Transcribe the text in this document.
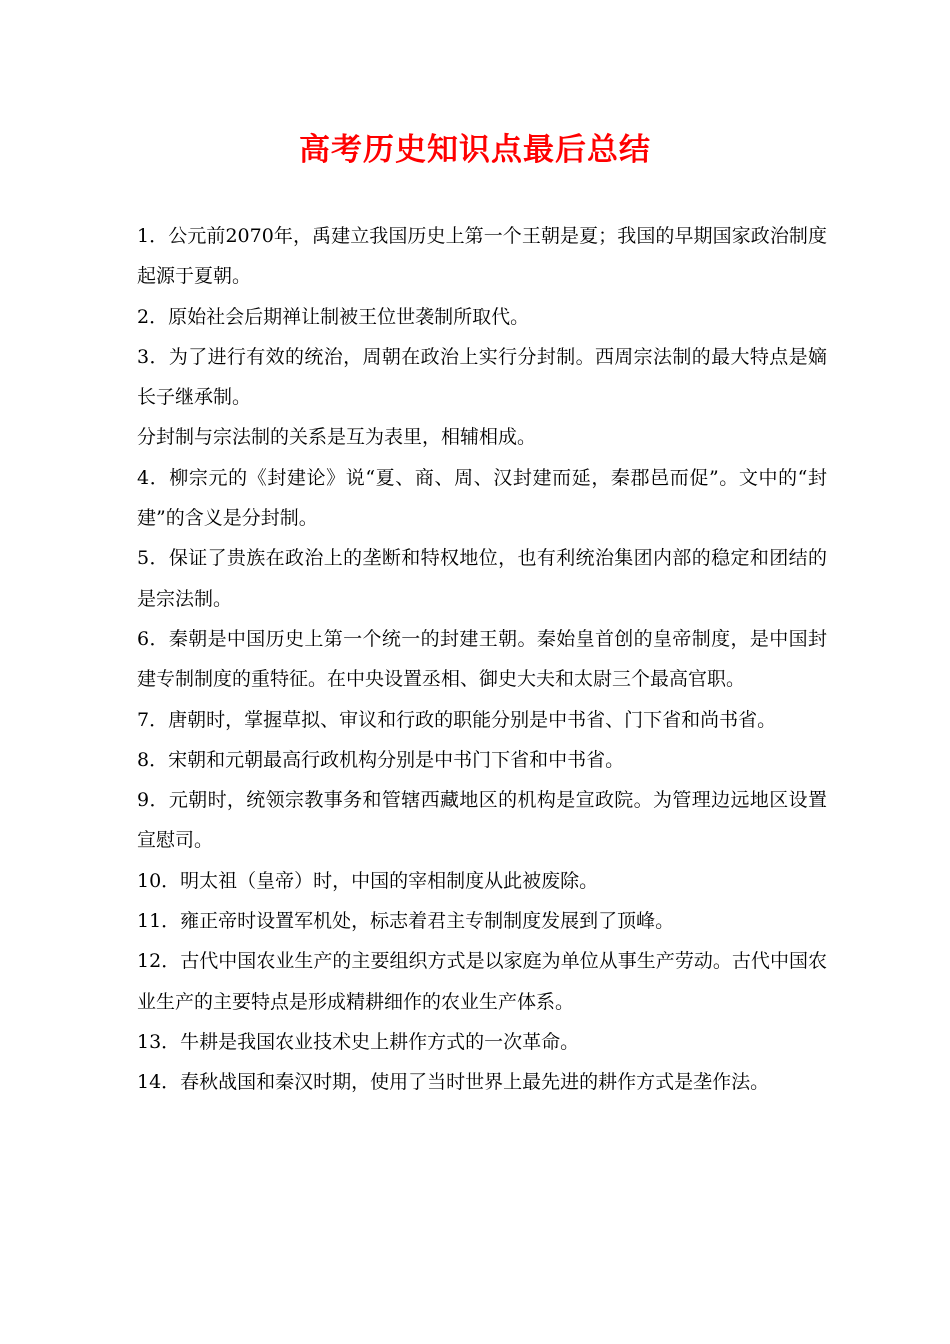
高考历史知识点最后总结

1．公元前2070年，禹建立我国历史上第一个王朝是夏；我国的早期国家政治制度起源于夏朝。

2．原始社会后期禅让制被王位世袭制所取代。

3．为了进行有效的统治，周朝在政治上实行分封制。西周宗法制的最大特点是嫡长子继承制。

分封制与宗法制的关系是互为表里，相辅相成。

4．柳宗元的《封建论》说“夏、商、周、汉封建而延，秦郡邑而促”。文中的“封建”的含义是分封制。

5．保证了贵族在政治上的垄断和特权地位，也有利统治集团内部的稳定和团结的是宗法制。

6．秦朝是中国历史上第一个统一的封建王朝。秦始皇首创的皇帝制度，是中国封建专制制度的重特征。在中央设置丞相、御史大夫和太尉三个最高官职。

7．唐朝时，掌握草拟、审议和行政的职能分别是中书省、门下省和尚书省。

8．宋朝和元朝最高行政机构分别是中书门下省和中书省。

9．元朝时，统领宗教事务和管辖西藏地区的机构是宣政院。为管理边远地区设置宣慰司。

10．明太祖（皇帝）时，中国的宰相制度从此被废除。

11．雍正帝时设置军机处，标志着君主专制制度发展到了顶峰。

12．古代中国农业生产的主要组织方式是以家庭为单位从事生产劳动。古代中国农业生产的主要特点是形成精耕细作的农业生产体系。

13．牛耕是我国农业技术史上耕作方式的一次革命。

14．春秋战国和秦汉时期，使用了当时世界上最先进的耕作方式是垄作法。
